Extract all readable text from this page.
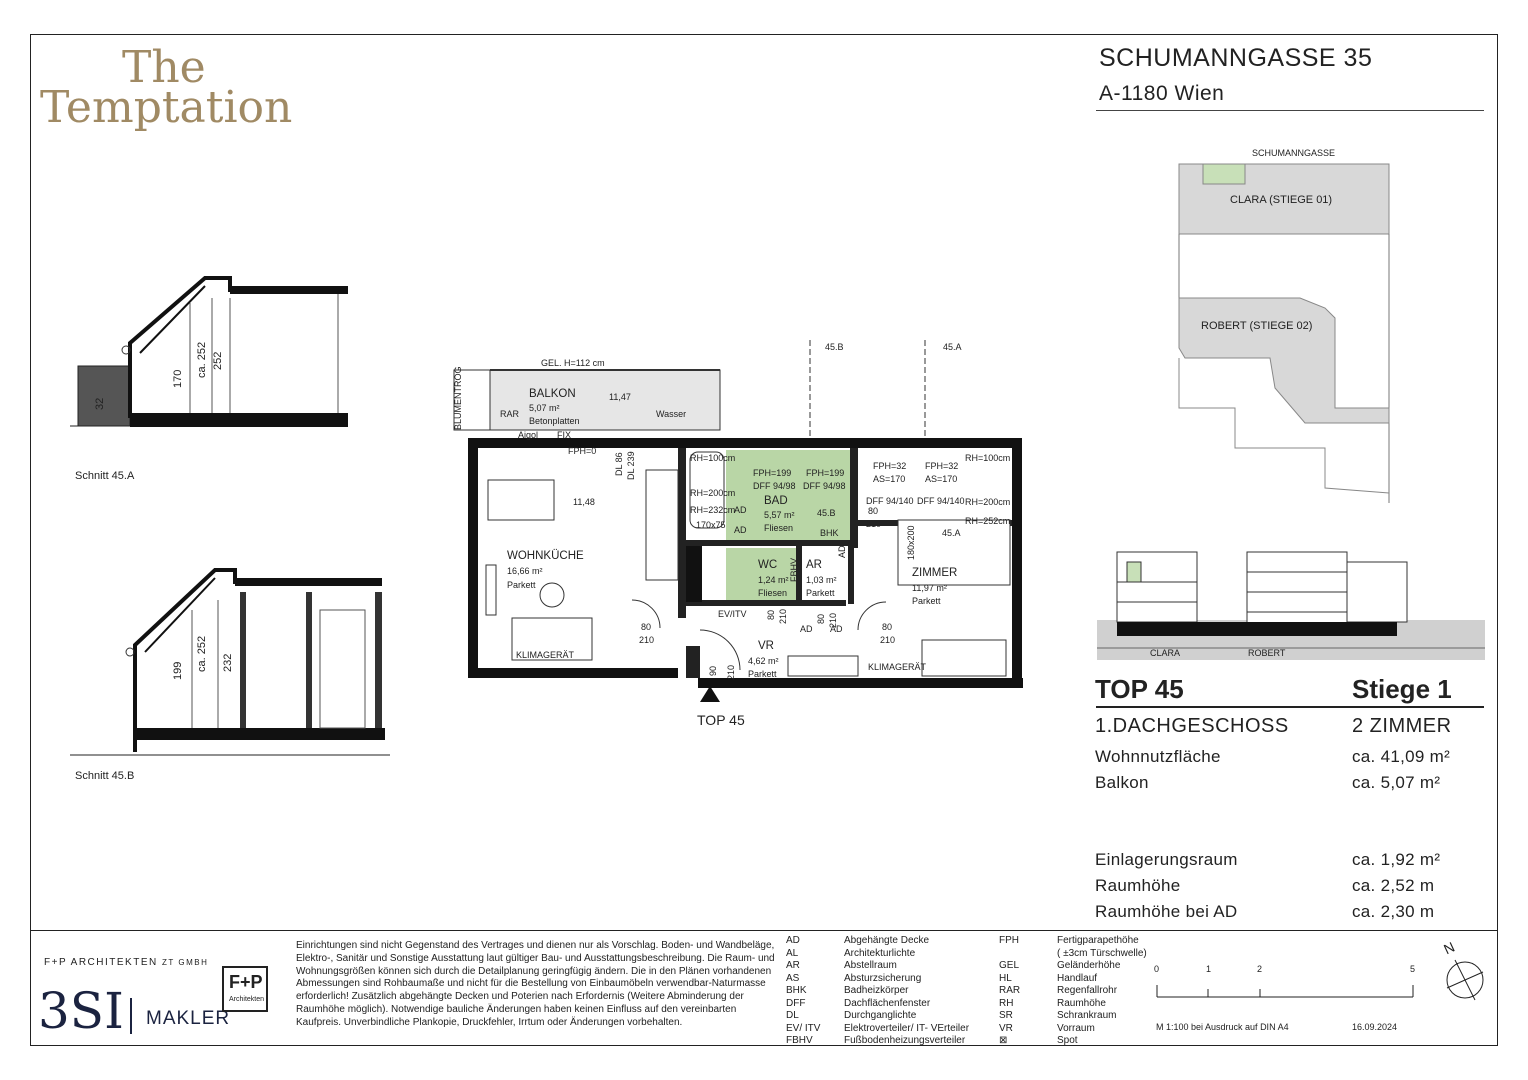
The
Temptation
SCHUMANNGASSE 35
A-1180 Wien
32
170
ca. 252 252
Schnitt 45.A
199 ca. 252 232
Schnitt 45.B
GEL. H=112 cm
BLUMENTROG
45.B	45.A
BALKON
5,07 m²
Betonplatten
RAR	Wasser
11,47
Aigol FIX
FPH=0
DL 86 DL 239
11,48
WOHNKÜCHE
16,66 m²
Parkett
FPH=199
DFF 94/98
FPH=199
DFF 94/98
BAD
5,57 m²
Fliesen
45.B
BHK
RH=100cm
RH=200cm
RH=232cm
170x75
FPH=32
AS=170
FPH=32
AS=170
DFF 94/140 DFF 94/140
RH=100cm
RH=200cm
RH=252cm
45.A
180x200
ZIMMER
11,97 m²
Parkett
WC
1,24 m²
Fliesen
FBHV AR
1,03 m²
Parkett
AD
AD
AD
AD AD
EV/ITV
VR
4,62 m²
Parkett
KLIMAGERÄT
KLIMAGERÄT
80
210
80
210
80
210
80 210	80 210
90 210
TOP 45
SCHUMANNGASSE
CLARA (STIEGE 01)
ROBERT (STIEGE 02)
CLARA	ROBERT
TOP 45	Stiege 1
1.DACHGESCHOSS	2 ZIMMER
Wohnnutzfläche	ca. 41,09 m²
Balkon	ca. 5,07 m²
Einlagerungsraum	ca. 1,92 m²
Raumhöhe	ca. 2,52 m
Raumhöhe bei AD	ca. 2,30 m
F+P ARCHITEKTEN ZT GMBH
3SI MAKLER
F+P
Architekten
Einrichtungen sind nicht Gegenstand des Vertrages und dienen nur als Vorschlag. Boden- und Wandbeläge, Elektro-, Sanitär und Sonstige Ausstattung laut gültiger Bau- und Ausstattungsbeschreibung. Die Raum- und Wohnungsgrößen können sich durch die Detailplanung geringfügig ändern. Die in den Plänen vorhandenen Abmessungen sind Rohbaumaße und nicht für die Bestellung von Einbaumöbeln verwendbar-Naturmasse erforderlich! Zusätzlich abgehängte Decken und Poterien nach Erfordernis (Weitere Abminderung der Raumhöhe möglich). Notwendige bauliche Änderungen haben keinen Einfluss auf den vereinbarten Kaufpreis. Unverbindliche Plankopie, Druckfehler, Irrtum oder Änderungen vorbehalten.
AD	Abgehängte Decke
AL	Architekturlichte
AR	Abstellraum
AS	Absturzsicherung
BHK	Badheizkörper
DFF	Dachflächenfenster
DL	Durchganglichte
EV/ ITV Elektroverteiler/ IT- VErteiler
FBHV	Fußbodenheizungsverteiler
FPH	Fertigparapethöhe
( ±3cm Türschwelle)
GEL	Geländerhöhe
HL	Handlauf
RAR	Regenfallrohr
RH	Raumhöhe
SR	Schrankraum
VR	Vorraum
⊠	Spot
0	1	2	5
M 1:100 bei Ausdruck auf DIN A4	16.09.2024
N
